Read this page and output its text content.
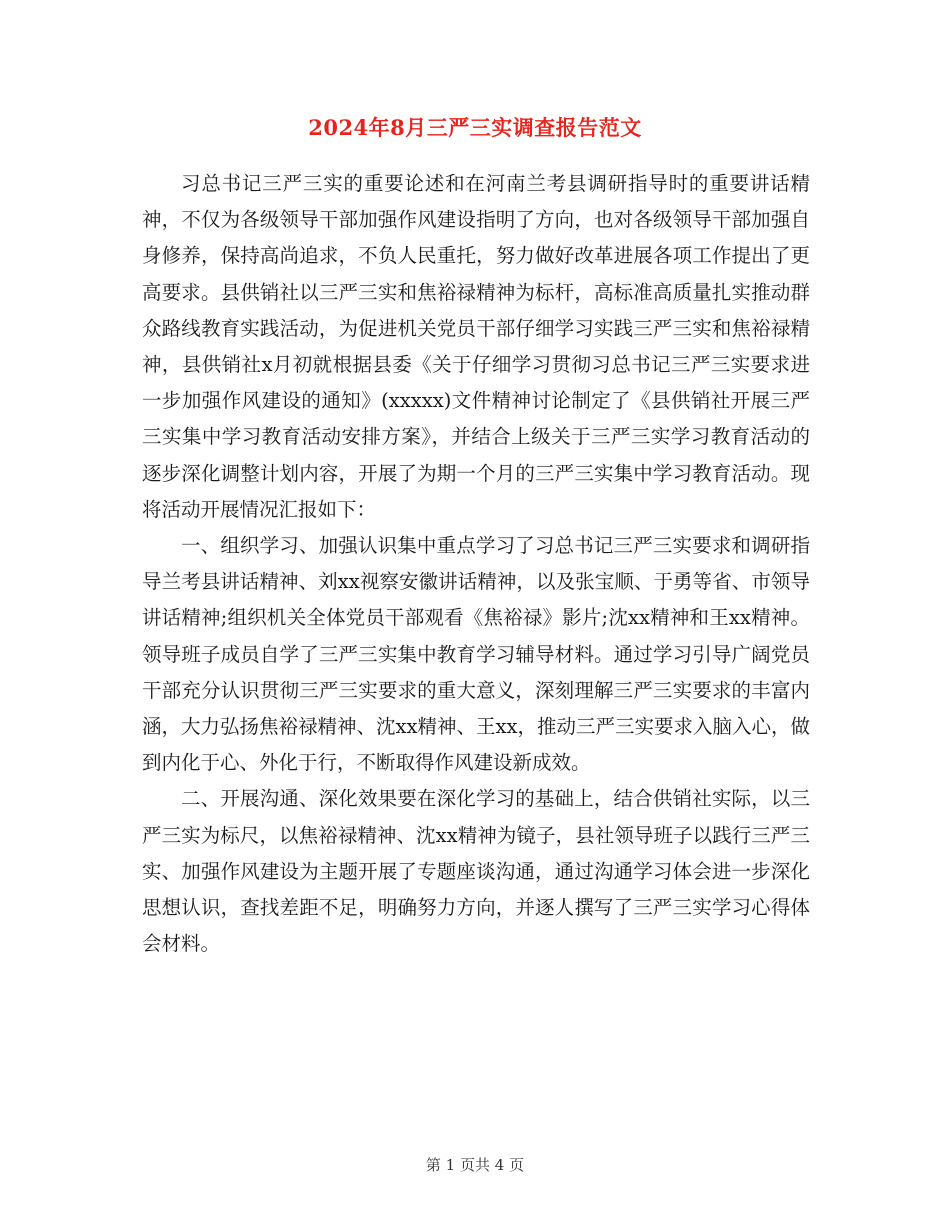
2024年8月三严三实调查报告范文

习总书记三严三实的重要论述和在河南兰考县调研指导时的重要讲话精神，不仅为各级领导干部加强作风建设指明了方向，也对各级领导干部加强自身修养，保持高尚追求，不负人民重托，努力做好改革进展各项工作提出了更高要求。县供销社以三严三实和焦裕禄精神为标杆，高标准高质量扎实推动群众路线教育实践活动，为促进机关党员干部仔细学习实践三严三实和焦裕禄精神，县供销社x月初就根据县委《关于仔细学习贯彻习总书记三严三实要求进一步加强作风建设的通知》(xxxxx)文件精神讨论制定了《县供销社开展三严三实集中学习教育活动安排方案》，并结合上级关于三严三实学习教育活动的逐步深化调整计划内容，开展了为期一个月的三严三实集中学习教育活动。现将活动开展情况汇报如下：

一、组织学习、加强认识集中重点学习了习总书记三严三实要求和调研指导兰考县讲话精神、刘xx视察安徽讲话精神，以及张宝顺、于勇等省、市领导讲话精神;组织机关全体党员干部观看《焦裕禄》影片;沈xx精神和王xx精神。领导班子成员自学了三严三实集中教育学习辅导材料。通过学习引导广阔党员干部充分认识贯彻三严三实要求的重大意义，深刻理解三严三实要求的丰富内涵，大力弘扬焦裕禄精神、沈xx精神、王xx，推动三严三实要求入脑入心，做到内化于心、外化于行，不断取得作风建设新成效。

二、开展沟通、深化效果要在深化学习的基础上，结合供销社实际，以三严三实为标尺，以焦裕禄精神、沈xx精神为镜子，县社领导班子以践行三严三实、加强作风建设为主题开展了专题座谈沟通，通过沟通学习体会进一步深化思想认识，查找差距不足，明确努力方向，并逐人撰写了三严三实学习心得体会材料。

第 1 页共 4 页
